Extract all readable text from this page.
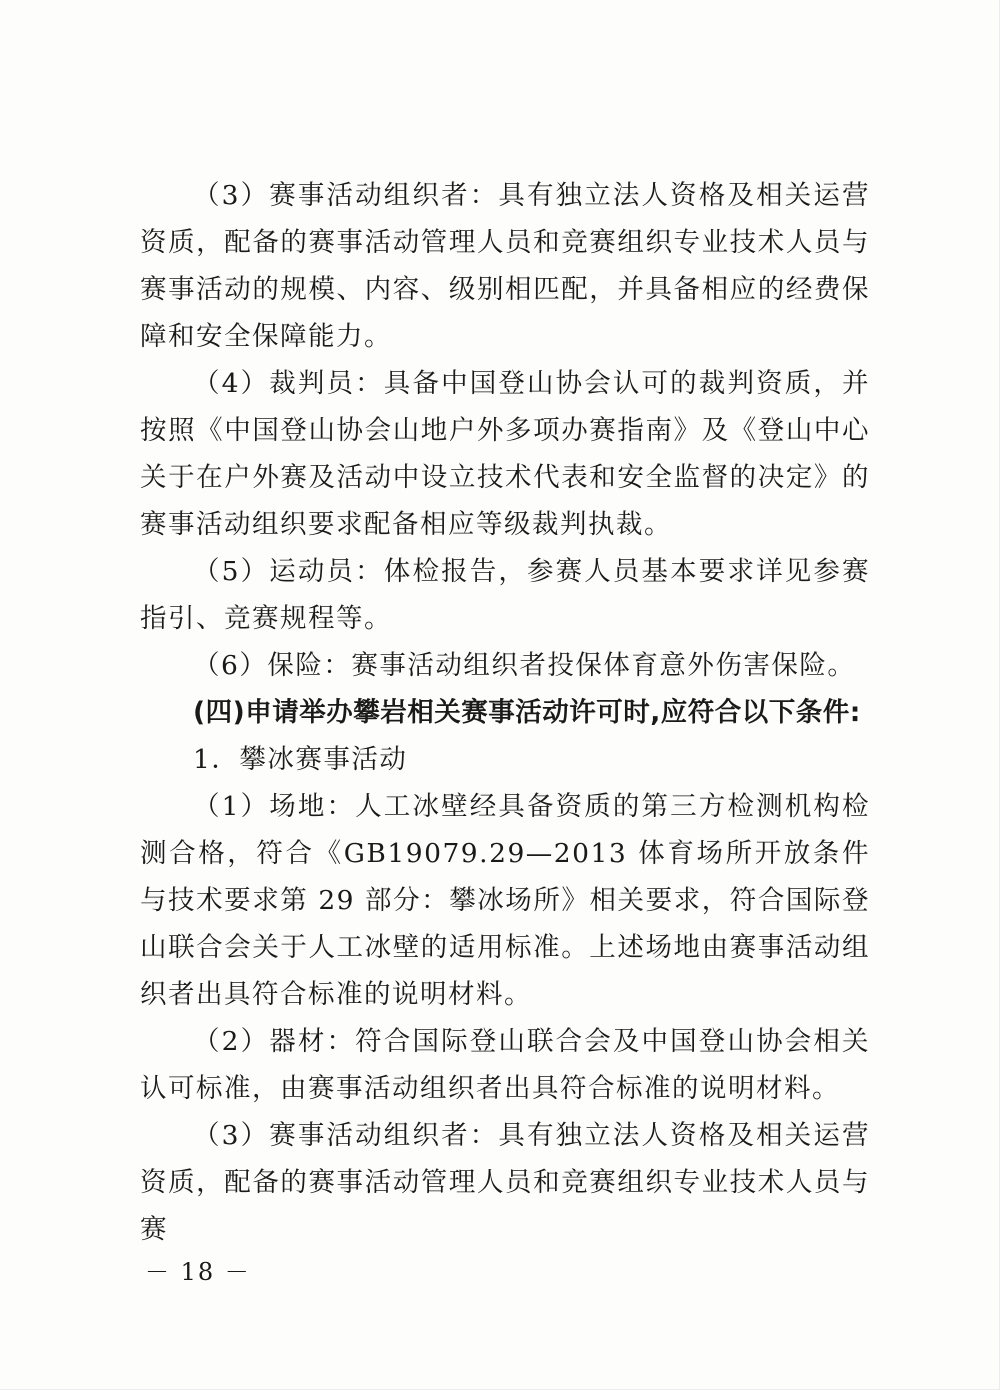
（3）赛事活动组织者：具有独立法人资格及相关运营资质，配备的赛事活动管理人员和竞赛组织专业技术人员与赛事活动的规模、内容、级别相匹配，并具备相应的经费保障和安全保障能力。

（4）裁判员：具备中国登山协会认可的裁判资质，并按照《中国登山协会山地户外多项办赛指南》及《登山中心关于在户外赛及活动中设立技术代表和安全监督的决定》的赛事活动组织要求配备相应等级裁判执裁。

（5）运动员：体检报告，参赛人员基本要求详见参赛指引、竞赛规程等。

（6）保险：赛事活动组织者投保体育意外伤害保险。

(四)申请举办攀岩相关赛事活动许可时,应符合以下条件:

1．攀冰赛事活动

（1）场地：人工冰壁经具备资质的第三方检测机构检测合格，符合《GB19079.29—2013 体育场所开放条件与技术要求第 29 部分：攀冰场所》相关要求，符合国际登山联合会关于人工冰壁的适用标准。上述场地由赛事活动组织者出具符合标准的说明材料。

（2）器材：符合国际登山联合会及中国登山协会相关认可标准，由赛事活动组织者出具符合标准的说明材料。

（3）赛事活动组织者：具有独立法人资格及相关运营资质，配备的赛事活动管理人员和竞赛组织专业技术人员与赛

－ 18 －
